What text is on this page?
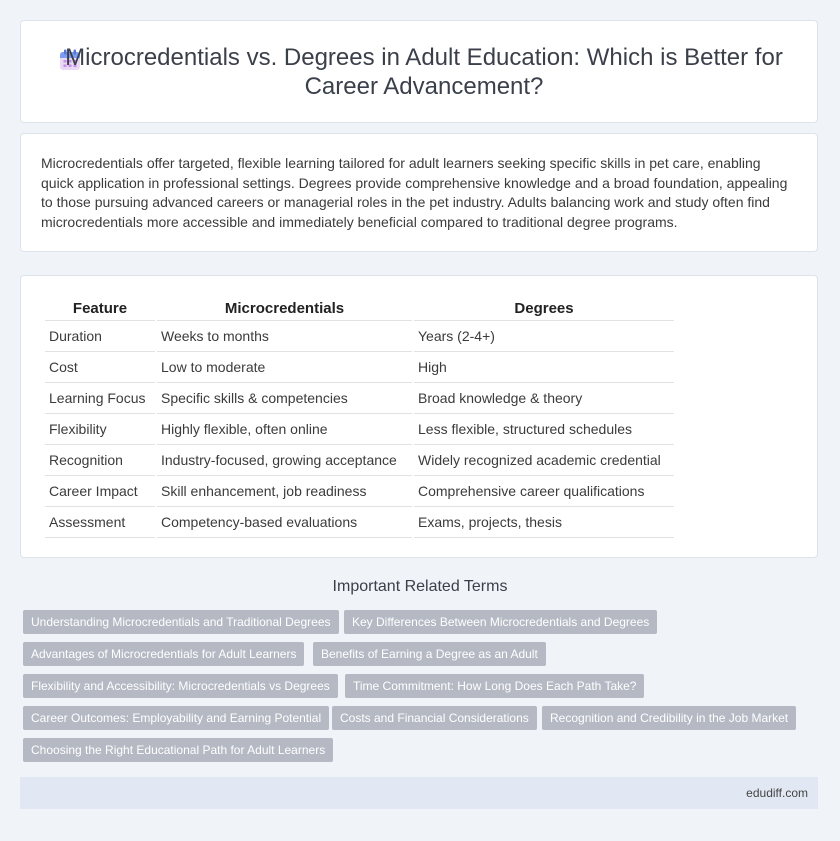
Microcredentials vs. Degrees in Adult Education: Which is Better for Career Advancement?

Microcredentials offer targeted, flexible learning tailored for adult learners seeking specific skills in pet care, enabling quick application in professional settings. Degrees provide comprehensive knowledge and a broad foundation, appealing to those pursuing advanced careers or managerial roles in the pet industry. Adults balancing work and study often find microcredentials more accessible and immediately beneficial compared to traditional degree programs.

Feature	Microcredentials	Degrees
Duration	Weeks to months	Years (2-4+)
Cost	Low to moderate	High
Learning Focus	Specific skills & competencies	Broad knowledge & theory
Flexibility	Highly flexible, often online	Less flexible, structured schedules
Recognition	Industry-focused, growing acceptance	Widely recognized academic credential
Career Impact	Skill enhancement, job readiness	Comprehensive career qualifications
Assessment	Competency-based evaluations	Exams, projects, thesis
Important Related Terms
Understanding Microcredentials and Traditional Degrees	Key Differences Between Microcredentials and Degrees
Advantages of Microcredentials for Adult Learners	Benefits of Earning a Degree as an Adult
Flexibility and Accessibility: Microcredentials vs Degrees	Time Commitment: How Long Does Each Path Take?
Career Outcomes: Employability and Earning Potential	Costs and Financial Considerations	Recognition and Credibility in the Job Market
Choosing the Right Educational Path for Adult Learners
edudiff.com
